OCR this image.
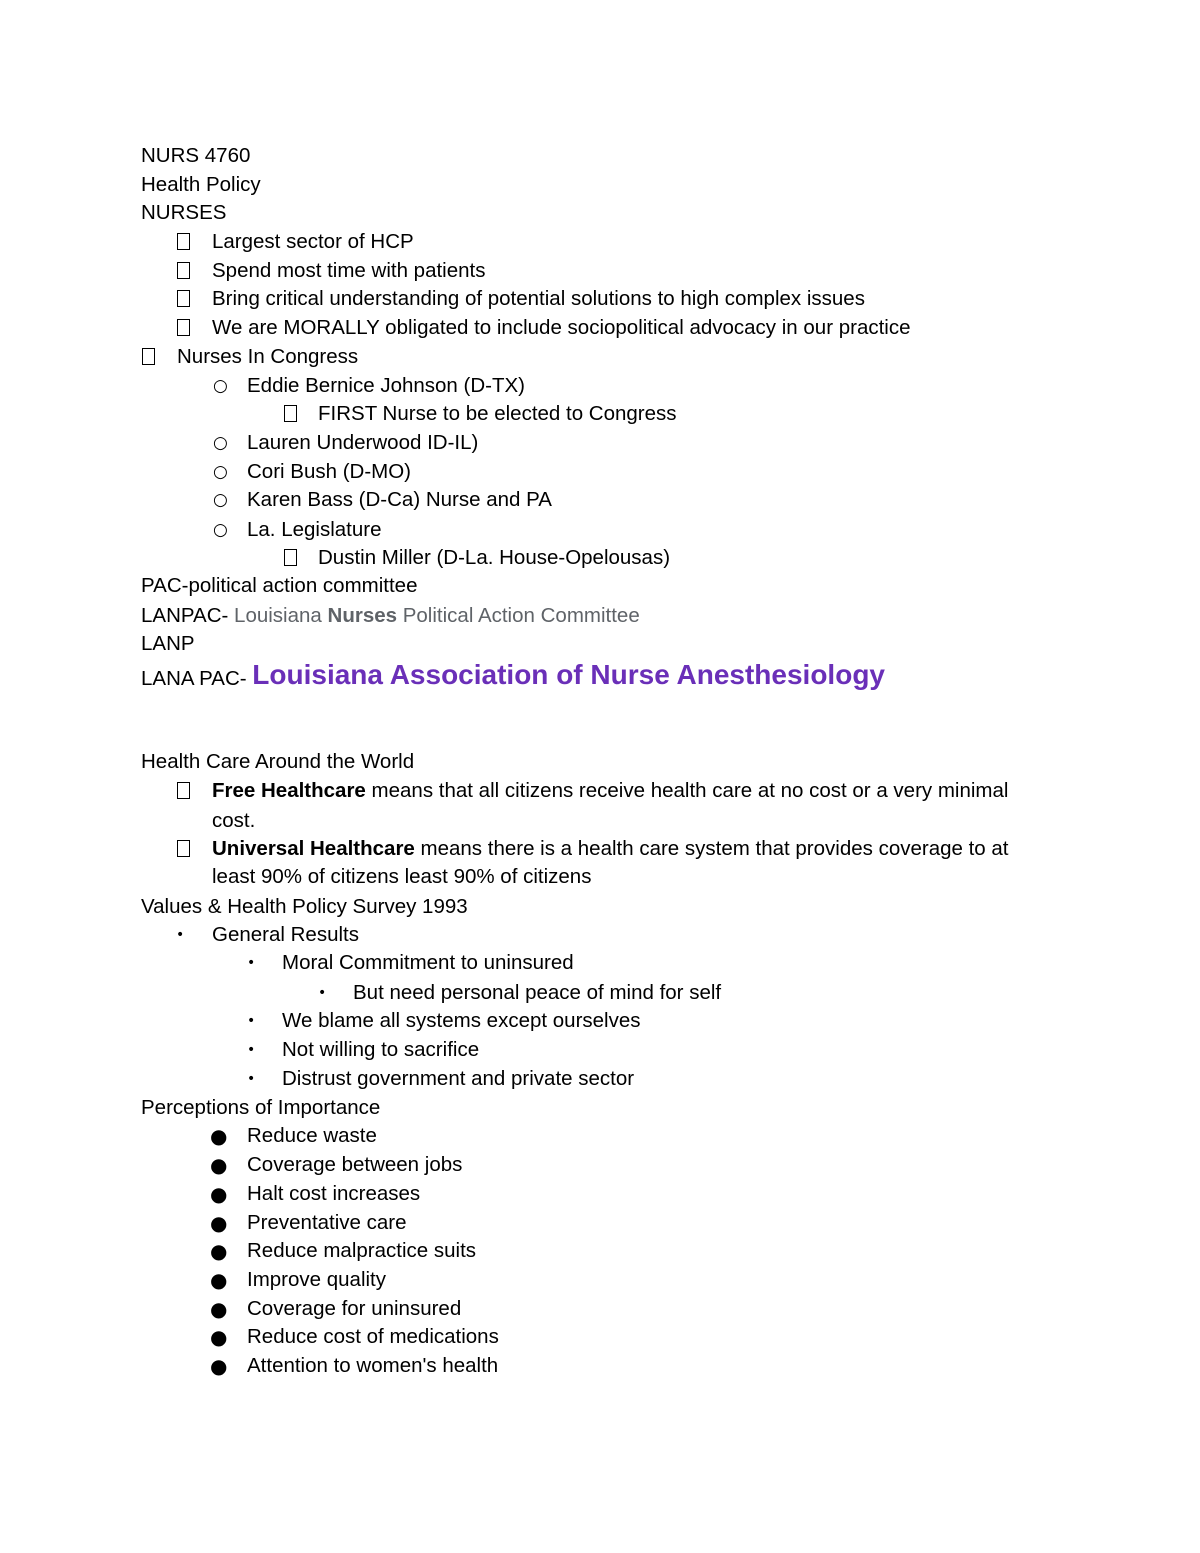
NURS 4760
Health Policy
NURSES
Largest sector of HCP
Spend most time with patients
Bring critical understanding of potential solutions to high complex issues
We are MORALLY obligated to include sociopolitical advocacy in our practice
Nurses In Congress
○ Eddie Bernice Johnson (D-TX)
FIRST Nurse to be elected to Congress
○ Lauren Underwood ID-IL)
○ Cori Bush (D-MO)
○ Karen Bass (D-Ca) Nurse and PA
○ La. Legislature
Dustin Miller (D-La. House-Opelousas)
PAC-political action committee
LANPAC- Louisiana Nurses Political Action Committee
LANP
LANA PAC- Louisiana Association of Nurse Anesthesiology
Health Care Around the World
Free Healthcare means that all citizens receive health care at no cost or a very minimal
cost.
Universal Healthcare means there is a health care system that provides coverage to at
least 90% of citizens least 90% of citizens
Values & Health Policy Survey 1993
• General Results
• Moral Commitment to uninsured
• But need personal peace of mind for self
• We blame all systems except ourselves
• Not willing to sacrifice
• Distrust government and private sector
Perceptions of Importance
● Reduce waste
● Coverage between jobs
● Halt cost increases
● Preventative care
● Reduce malpractice suits
● Improve quality
● Coverage for uninsured
● Reduce cost of medications
● Attention to women's health
